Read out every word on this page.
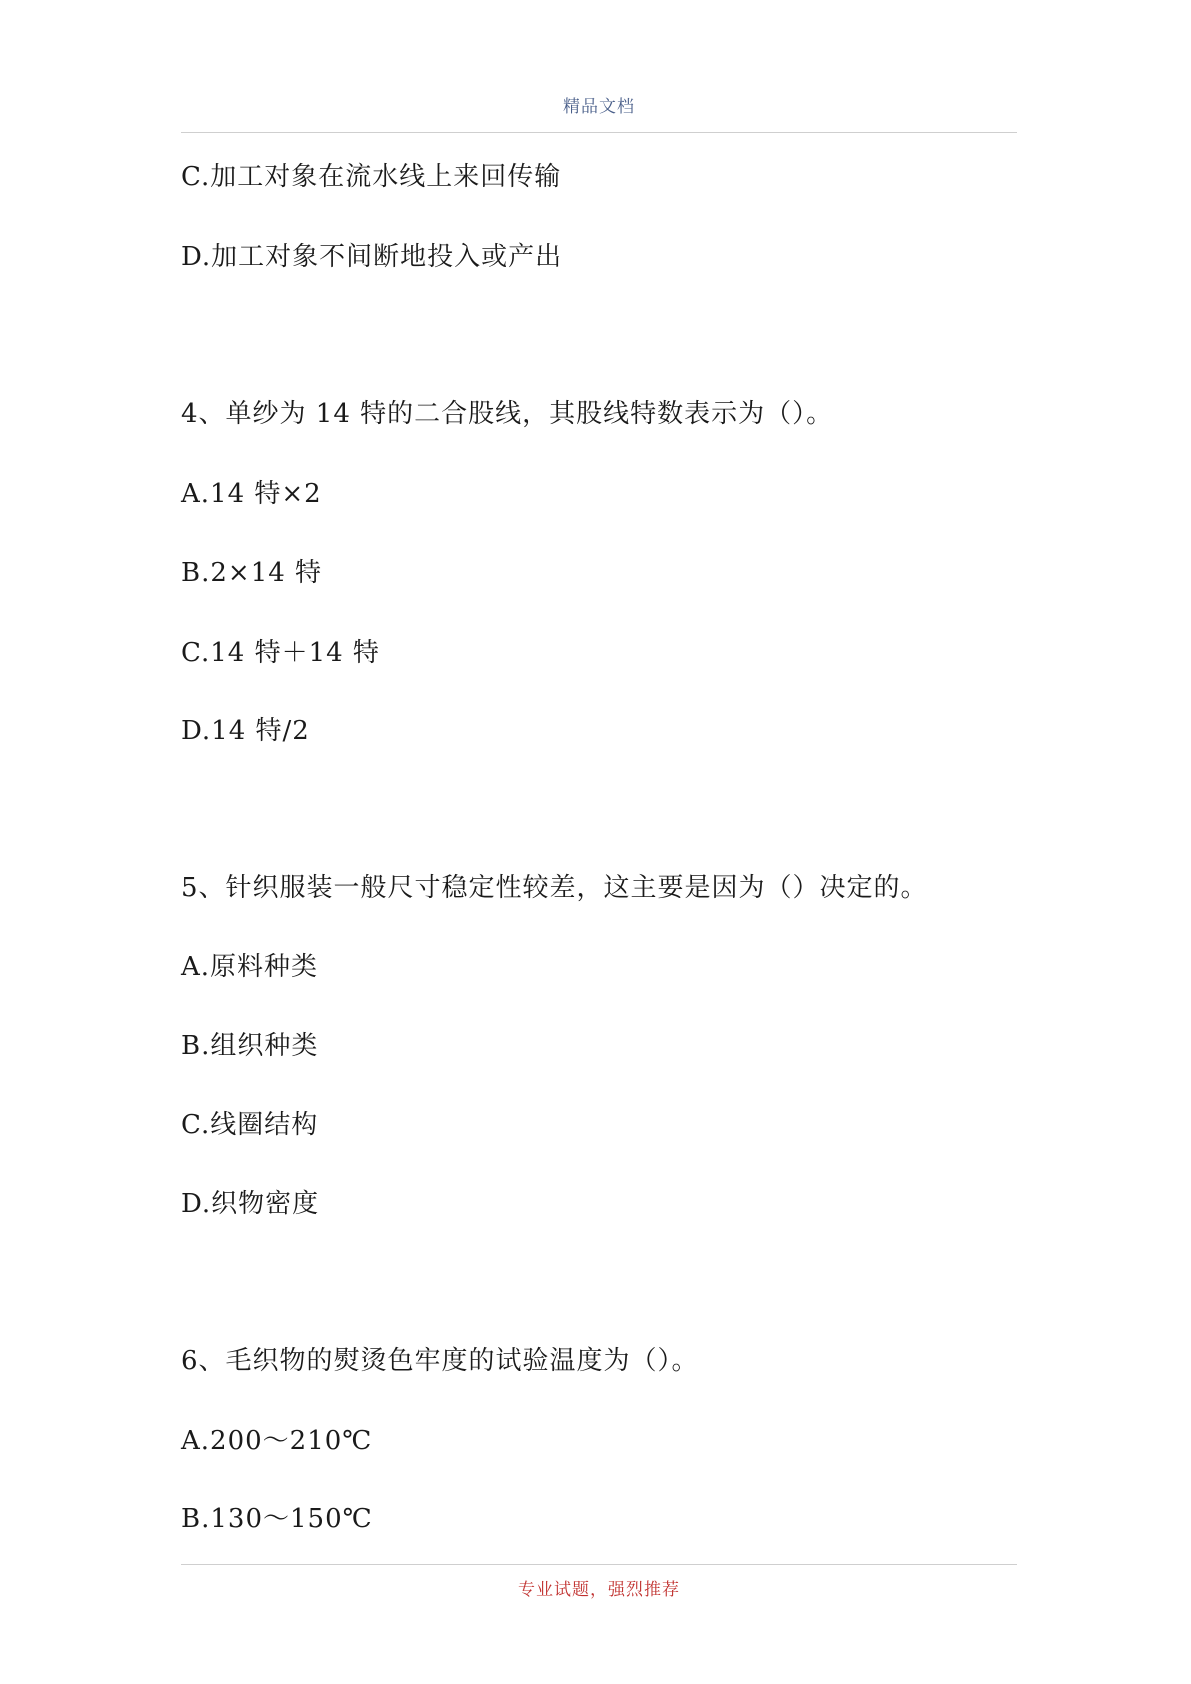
精品文档
C.加工对象在流水线上来回传输
D.加工对象不间断地投入或产出
4、单纱为 14 特的二合股线，其股线特数表示为（）。
A.14 特×2
B.2×14 特
C.14 特＋14 特
D.14 特/2
5、针织服装一般尺寸稳定性较差，这主要是因为（）决定的。
A.原料种类
B.组织种类
C.线圈结构
D.织物密度
6、毛织物的熨烫色牢度的试验温度为（）。
A.200～210℃
B.130～150℃
专业试题，强烈推荐
